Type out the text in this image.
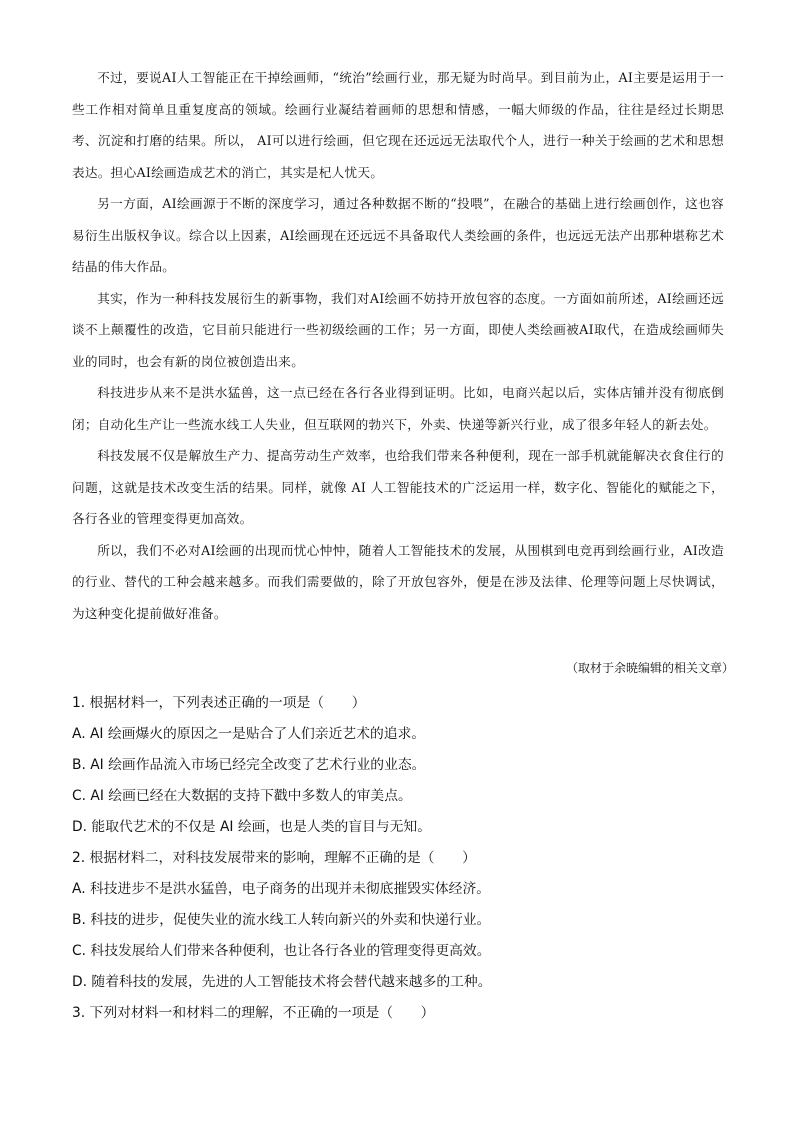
不过，要说AI人工智能正在干掉绘画师，“统治”绘画行业，那无疑为时尚早。到目前为止，AI主要是运用于一些工作相对简单且重复度高的领域。绘画行业凝结着画师的思想和情感，一幅大师级的作品，往往是经过长期思考、沉淀和打磨的结果。所以， AI可以进行绘画，但它现在还远远无法取代个人，进行一种关于绘画的艺术和思想表达。担心AI绘画造成艺术的消亡，其实是杞人忧天。

另一方面，AI绘画源于不断的深度学习，通过各种数据不断的“投喂”，在融合的基础上进行绘画创作，这也容易衍生出版权争议。综合以上因素，AI绘画现在还远远不具备取代人类绘画的条件，也远远无法产出那种堪称艺术结晶的伟大作品。

其实，作为一种科技发展衍生的新事物，我们对AI绘画不妨持开放包容的态度。一方面如前所述，AI绘画还远谈不上颠覆性的改造，它目前只能进行一些初级绘画的工作；另一方面，即使人类绘画被AI取代，在造成绘画师失业的同时，也会有新的岗位被创造出来。

科技进步从来不是洪水猛兽，这一点已经在各行各业得到证明。比如，电商兴起以后，实体店铺并没有彻底倒闭；自动化生产让一些流水线工人失业，但互联网的勃兴下，外卖、快递等新兴行业，成了很多年轻人的新去处。

科技发展不仅是解放生产力、提高劳动生产效率，也给我们带来各种便利，现在一部手机就能解决衣食住行的问题，这就是技术改变生活的结果。同样，就像 AI 人工智能技术的广泛运用一样，数字化、智能化的赋能之下，各行各业的管理变得更加高效。

所以，我们不必对AI绘画的出现而忧心忡忡，随着人工智能技术的发展，从围棋到电竞再到绘画行业，AI改造的行业、替代的工种会越来越多。而我们需要做的，除了开放包容外，便是在涉及法律、伦理等问题上尽快调试，为这种变化提前做好准备。

（取材于余暁编辑的相关文章）

1. 根据材料一，下列表述正确的一项是（　　）

A. AI 绘画爆火的原因之一是贴合了人们亲近艺术的追求。

B. AI 绘画作品流入市场已经完全改变了艺术行业的业态。

C. AI 绘画已经在大数据的支持下戳中多数人的审美点。

D. 能取代艺术的不仅是 AI 绘画，也是人类的盲目与无知。

2. 根据材料二，对科技发展带来的影响，理解不正确的是（　　）

A. 科技进步不是洪水猛兽，电子商务的出现并未彻底摧毁实体经济。

B. 科技的进步，促使失业的流水线工人转向新兴的外卖和快递行业。

C. 科技发展给人们带来各种便利，也让各行各业的管理变得更高效。

D. 随着科技的发展，先进的人工智能技术将会替代越来越多的工种。

3. 下列对材料一和材料二的理解，不正确的一项是（　　）
